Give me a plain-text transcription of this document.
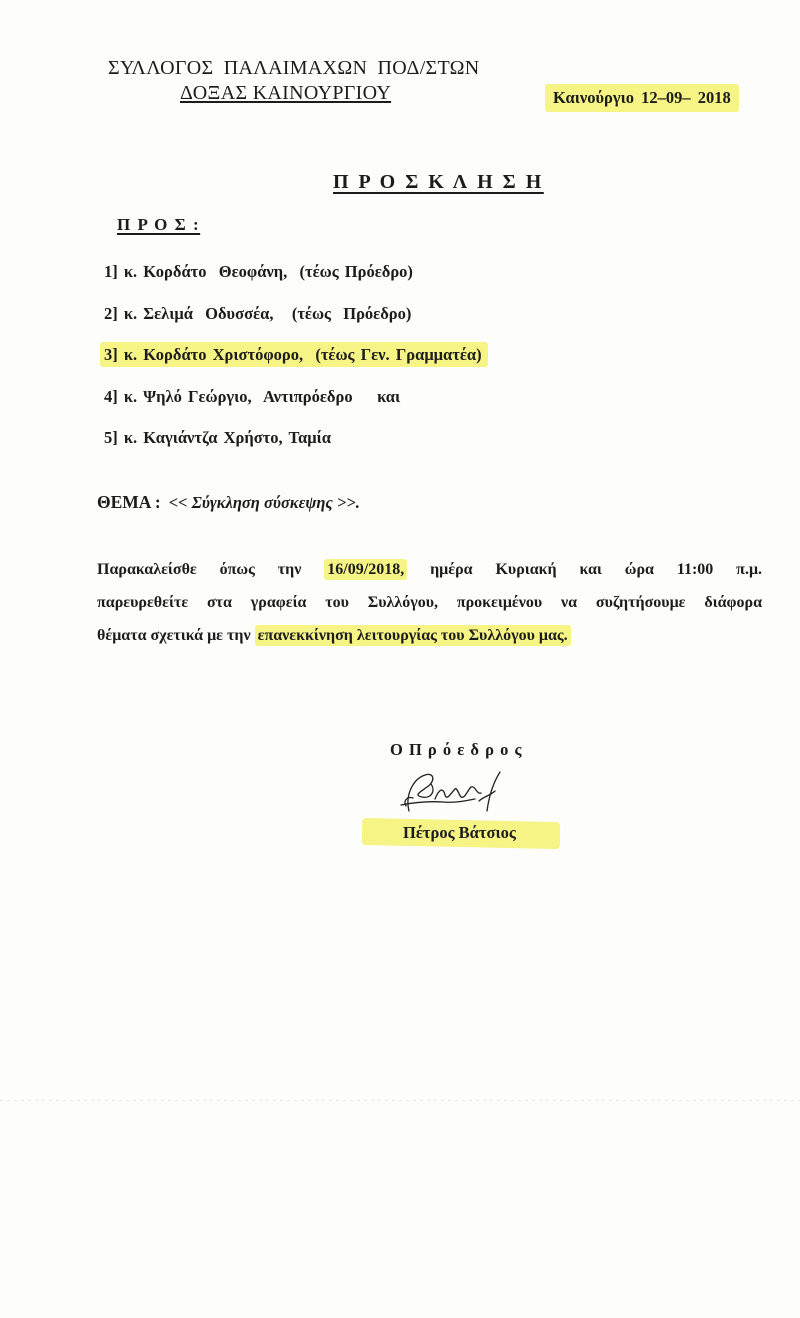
ΣΥΛΛΟΓΟΣ ΠΑΛΑΙΜΑΧΩΝ ΠΟΔ/ΣΤΩΝ
ΔΟΞΑΣ ΚΑΙΝΟΥΡΓΙΟΥ	Καινούργιο 12–09– 2018
Π Ρ Ο Σ Κ Λ Η Σ Η
Π Ρ Ο Σ :
1] κ. Κορδάτο  Θεοφάνη,  (τέως Πρόεδρο)
2] κ. Σελιμά  Οδυσσέα,   (τέως  Πρόεδρο)
3] κ. Κορδάτο Χριστόφορο,  (τέως Γεν. Γραμματέα)
4] κ. Ψηλό Γεώργιο,  Αντιπρόεδρο    και
5] κ. Καγιάντζα Χρήστο, Ταμία
ΘΕΜΑ : << Σύγκληση σύσκεψης >>.
Παρακαλείσθε όπως την 16/09/2018, ημέρα Κυριακή και ώρα 11:00 π.μ.
παρευρεθείτε στα γραφεία του Συλλόγου, προκειμένου να συζητήσουμε διάφορα
θέματα σχετικά με την επανεκκίνηση λειτουργίας του Συλλόγου μας.
Ο Π ρ ό ε δ ρ ο ς
Πέτρος Βάτσιος
